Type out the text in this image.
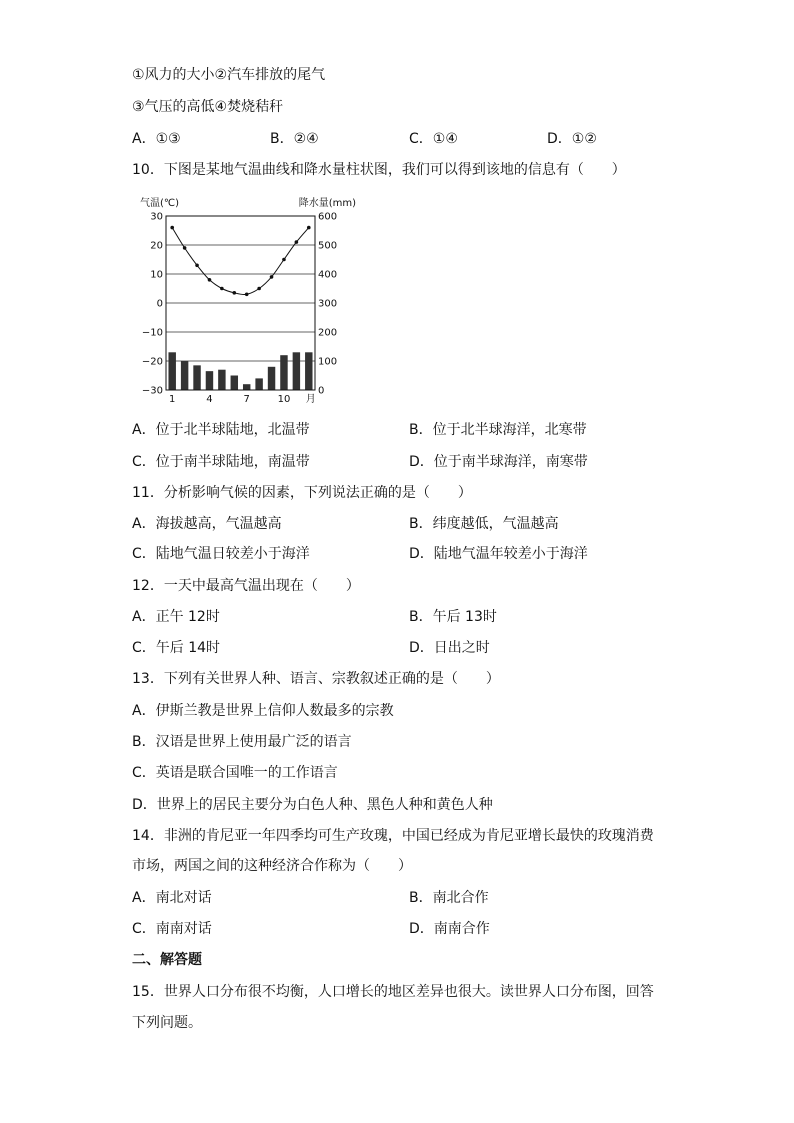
①风力的大小②汽车排放的尾气
③气压的高低④焚烧秸秆
A．①③	B．②④	C．①④	D．①②
10．下图是某地气温曲线和降水量柱状图，我们可以得到该地的信息有（　　）
30
20
10
0
−10
−20
−30
600
500
400
300
200
100
0
1	4	7	10 月
气温(℃)	降水量(mm)
A．位于北半球陆地，北温带	B．位于北半球海洋，北寒带
C．位于南半球陆地，南温带	D．位于南半球海洋，南寒带
11．分析影响气候的因素，下列说法正确的是（　　）
A．海拔越高，气温越高	B．纬度越低，气温越高
C．陆地气温日较差小于海洋	D．陆地气温年较差小于海洋
12．一天中最高气温出现在（　　）
A．正午 12时	B．午后 13时
C．午后 14时	D．日出之时
13．下列有关世界人种、语言、宗教叙述正确的是（　　）
A．伊斯兰教是世界上信仰人数最多的宗教
B．汉语是世界上使用最广泛的语言
C．英语是联合国唯一的工作语言
D．世界上的居民主要分为白色人种、黑色人种和黄色人种
14．非洲的肯尼亚一年四季均可生产玫瑰，中国已经成为肯尼亚增长最快的玫瑰消费
市场，两国之间的这种经济合作称为（　　）
A．南北对话	B．南北合作
C．南南对话	D．南南合作
二、解答题
15．世界人口分布很不均衡，人口增长的地区差异也很大。读世界人口分布图，回答
下列问题。
